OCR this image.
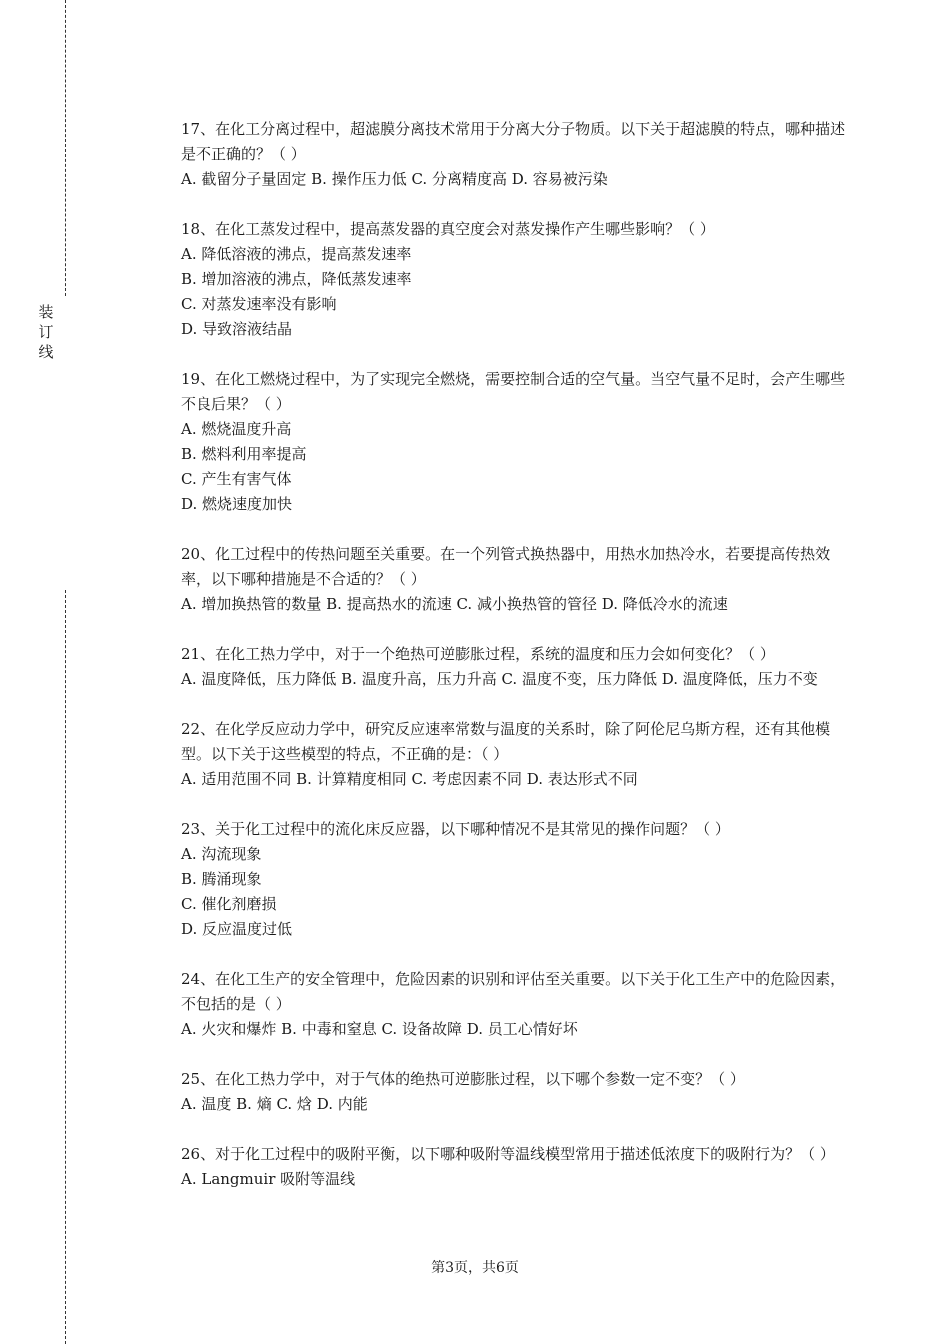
装
订
线

17、在化工分离过程中，超滤膜分离技术常用于分离大分子物质。以下关于超滤膜的特点，哪种描述是不正确的？（ ）

A. 截留分子量固定 B. 操作压力低 C. 分离精度高 D. 容易被污染

18、在化工蒸发过程中，提高蒸发器的真空度会对蒸发操作产生哪些影响？（ ）

A. 降低溶液的沸点，提高蒸发速率

B. 增加溶液的沸点，降低蒸发速率

C. 对蒸发速率没有影响

D. 导致溶液结晶

19、在化工燃烧过程中，为了实现完全燃烧，需要控制合适的空气量。当空气量不足时，会产生哪些不良后果？（ ）

A. 燃烧温度升高

B. 燃料利用率提高

C. 产生有害气体

D. 燃烧速度加快

20、化工过程中的传热问题至关重要。在一个列管式换热器中，用热水加热冷水，若要提高传热效率，以下哪种措施是不合适的？（ ）

A. 增加换热管的数量 B. 提高热水的流速 C. 减小换热管的管径 D. 降低冷水的流速

21、在化工热力学中，对于一个绝热可逆膨胀过程，系统的温度和压力会如何变化？（ ）

A. 温度降低，压力降低 B. 温度升高，压力升高 C. 温度不变，压力降低 D. 温度降低，压力不变

22、在化学反应动力学中，研究反应速率常数与温度的关系时，除了阿伦尼乌斯方程，还有其他模型。以下关于这些模型的特点，不正确的是：（ ）

A. 适用范围不同 B. 计算精度相同 C. 考虑因素不同 D. 表达形式不同

23、关于化工过程中的流化床反应器，以下哪种情况不是其常见的操作问题？（ ）

A. 沟流现象

B. 腾涌现象

C. 催化剂磨损

D. 反应温度过低

24、在化工生产的安全管理中，危险因素的识别和评估至关重要。以下关于化工生产中的危险因素，不包括的是（ ）

A. 火灾和爆炸 B. 中毒和窒息 C. 设备故障 D. 员工心情好坏

25、在化工热力学中，对于气体的绝热可逆膨胀过程，以下哪个参数一定不变？（ ）

A. 温度 B. 熵 C. 焓 D. 内能

26、对于化工过程中的吸附平衡，以下哪种吸附等温线模型常用于描述低浓度下的吸附行为？（ ）

A. Langmuir 吸附等温线

第3页，共6页
